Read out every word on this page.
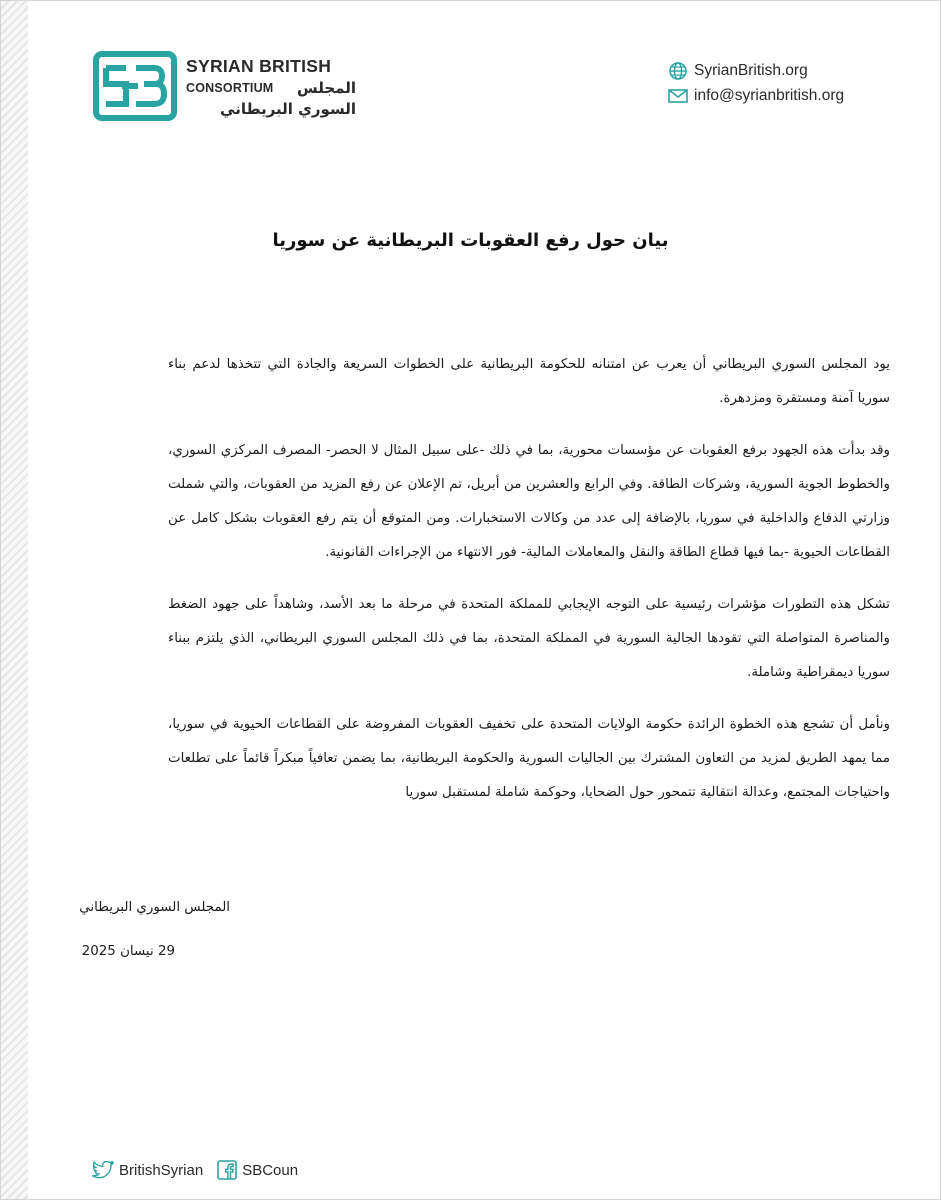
SYRIAN BRITISH
CONSORTIUM المجلس
السوري البريطاني
SyrianBritish.org
info@syrianbritish.org
بيان حول رفع العقوبات البريطانية عن سوريا

يود المجلس السوري البريطاني أن يعرب عن امتنانه للحكومة البريطانية على الخطوات السريعة والجادة التي تتخذها لدعم بناء سوريا آمنة ومستقرة ومزدهرة.

وقد بدأت هذه الجهود برفع العقوبات عن مؤسسات محورية، بما في ذلك -على سبيل المثال لا الحصر- المصرف المركزي السوري، والخطوط الجوية السورية، وشركات الطاقة. وفي الرابع والعشرين من أبريل، تم الإعلان عن رفع المزيد من العقوبات، والتي شملت وزارتي الدفاع والداخلية في سوريا، بالإضافة إلى عدد من وكالات الاستخبارات. ومن المتوقع أن يتم رفع العقوبات بشكل كامل عن القطاعات الحيوية -بما فيها قطاع الطاقة والنقل والمعاملات المالية- فور الانتهاء من الإجراءات القانونية.

تشكل هذه التطورات مؤشرات رئيسية على التوجه الإيجابي للمملكة المتحدة في مرحلة ما بعد الأسد، وشاهداً على جهود الضغط والمناصرة المتواصلة التي تقودها الجالية السورية في المملكة المتحدة، بما في ذلك المجلس السوري البريطاني، الذي يلتزم ببناء سوريا ديمقراطية وشاملة.

ونأمل أن تشجع هذه الخطوة الرائدة حكومة الولايات المتحدة على تخفيف العقوبات المفروضة على القطاعات الحيوية في سوريا، مما يمهد الطريق لمزيد من التعاون المشترك بين الجاليات السورية والحكومة البريطانية، بما يضمن تعافياً مبكراً قائماً على تطلعات واحتياجات المجتمع، وعدالة انتقالية تتمحور حول الضحايا، وحوكمة شاملة لمستقبل سوريا

المجلس السوري البريطاني
29 نيسان 2025
BritishSyrian	SBCoun
